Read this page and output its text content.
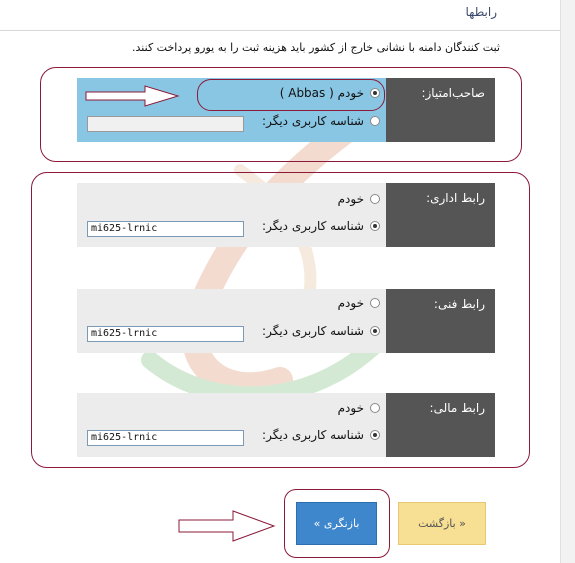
رابطها
ثبت کنندگان دامنه با نشانی خارج از کشور باید هزینه ثبت را به یورو پرداخت کنند.
صاحب‌امتیاز:
خودم ( Abbas )
شناسه کاربری دیگر:
رابط اداری:
خودم
شناسه کاربری دیگر:
mi625-lrnic
رابط فنی:
خودم
شناسه کاربری دیگر:
mi625-lrnic
رابط مالی:
خودم
شناسه کاربری دیگر:
mi625-lrnic
« بازگشت
بازنگری »
